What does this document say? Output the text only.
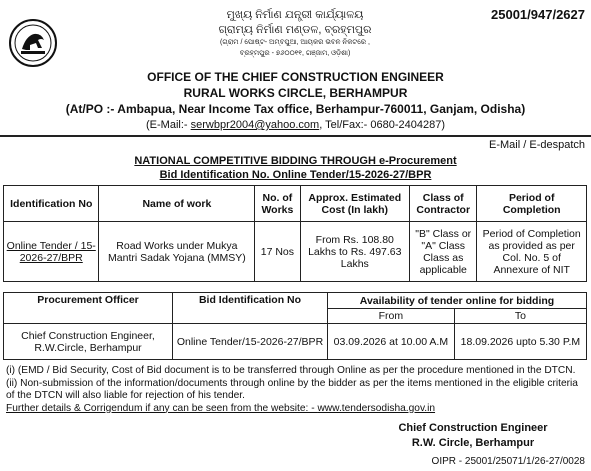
25001/947/2627
ମୁଖ୍ୟ ନିର୍ମାଣ ଯନ୍ତ୍ରୀ କାର୍ଯ୍ୟାଳୟ
ଗ୍ରାମ୍ୟ ନିର୍ମାଣ ମଣ୍ଡଳ, ବ୍ରହ୍ମପୁର
(ଗ୍ରାମ / ପୋଷ୍ଟ- ଅମ୍ବପୁଆ, ଆୟକର ଭବନ ନିକଟରେ ,
ବ୍ରହ୍ମପୁର - ୭୬୦୦୧୧, ଗଞ୍ଜାମ, ଓଡ଼ିଶା)
OFFICE OF THE CHIEF CONSTRUCTION ENGINEER
RURAL WORKS CIRCLE, BERHAMPUR
(At/PO :- Ambapua, Near Income Tax office, Berhampur-760011, Ganjam, Odisha)
(E-Mail:- serwbpr2004@yahoo.com, Tel/Fax:- 0680-2404287)
E-Mail / E-despatch
NATIONAL COMPETITIVE BIDDING THROUGH e-Procurement
Bid Identification No. Online Tender/15-2026-27/BPR
Identification No	Name of work	No. of Works	Approx. Estimated Cost (In lakh)	Class of Contractor	Period of Completion
Online Tender / 15-2026-27/BPR	Road Works under Mukya Mantri Sadak Yojana (MMSY)	17 Nos	From Rs. 108.80 Lakhs to Rs. 497.63 Lakhs	"B" Class or "A" Class Class as applicable	Period of Completion as provided as per Col. No. 5 of Annexure of NIT
Procurement Officer	Bid Identification No	Availability of tender online for bidding	
		From	To
Chief Construction Engineer, R.W.Circle, Berhampur	Online Tender/15-2026-27/BPR	03.09.2026 at 10.00 A.M	18.09.2026 upto 5.30 P.M
(i) (EMD / Bid Security, Cost of Bid document is to be transferred through Online as per the procedure mentioned in the DTCN.
(ii) Non-submission of the information/documents through online by the bidder as per the items mentioned in the eligible criteria of the DTCN will also liable for rejection of his tender.
Further details & Corrigendum if any can be seen from the website: - www.tendersodisha.gov.in
Chief Construction Engineer
R.W. Circle, Berhampur
OIPR - 25001/25071/1/26-27/0028
